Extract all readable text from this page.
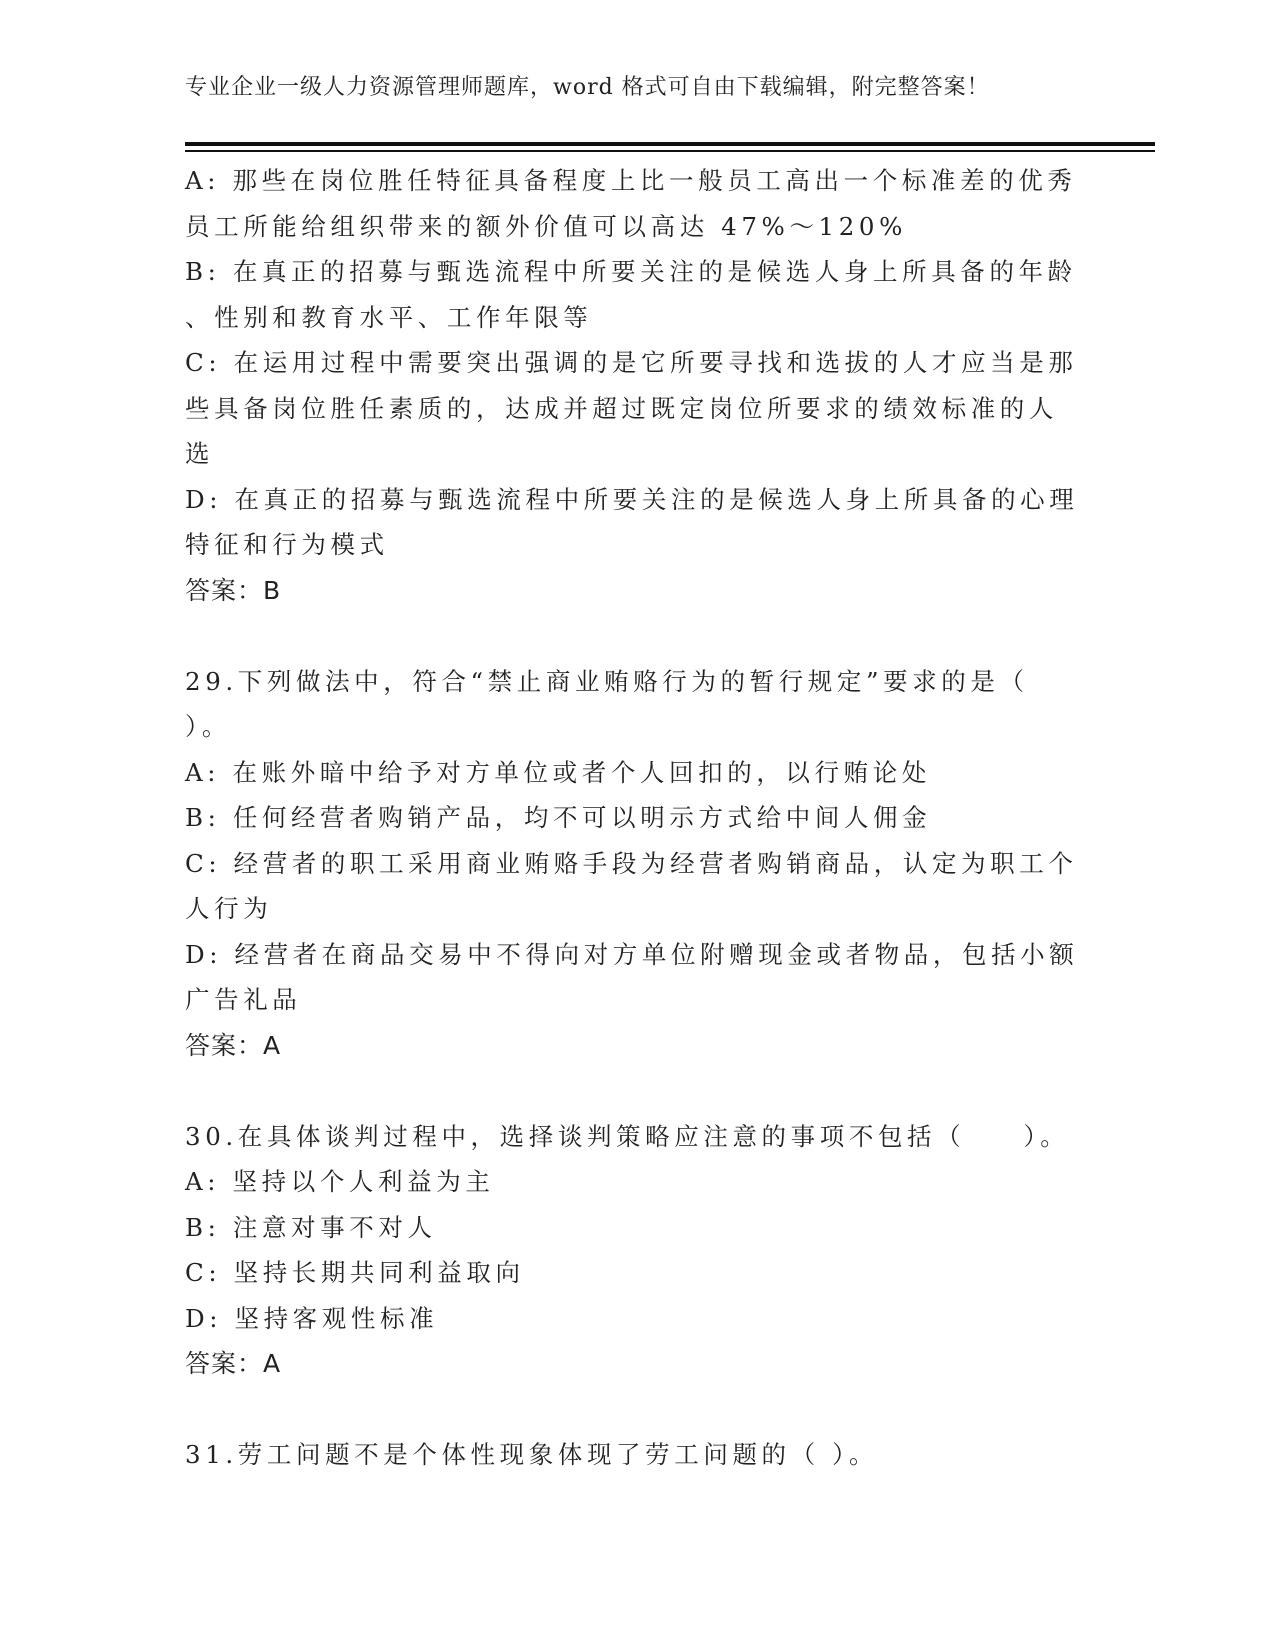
专业企业一级人力资源管理师题库，word 格式可自由下载编辑，附完整答案！
A: 那些在岗位胜任特征具备程度上比一般员工高出一个标准差的优秀
员工所能给组织带来的额外价值可以高达 47%～120%
B: 在真正的招募与甄选流程中所要关注的是候选人身上所具备的年龄
、性别和教育水平、工作年限等
C: 在运用过程中需要突出强调的是它所要寻找和选拔的人才应当是那
些具备岗位胜任素质的，达成并超过既定岗位所要求的绩效标准的人
选
D: 在真正的招募与甄选流程中所要关注的是候选人身上所具备的心理
特征和行为模式
答案：B
29.下列做法中，符合“禁止商业贿赂行为的暂行规定”要求的是（
）。
A: 在账外暗中给予对方单位或者个人回扣的，以行贿论处
B: 任何经营者购销产品，均不可以明示方式给中间人佣金
C: 经营者的职工采用商业贿赂手段为经营者购销商品，认定为职工个
人行为
D: 经营者在商品交易中不得向对方单位附赠现金或者物品，包括小额
广告礼品
答案：A
30.在具体谈判过程中，选择谈判策略应注意的事项不包括（　　）。
A: 坚持以个人利益为主
B: 注意对事不对人
C: 坚持长期共同利益取向
D: 坚持客观性标准
答案：A
31.劳工问题不是个体性现象体现了劳工问题的（ ）。
